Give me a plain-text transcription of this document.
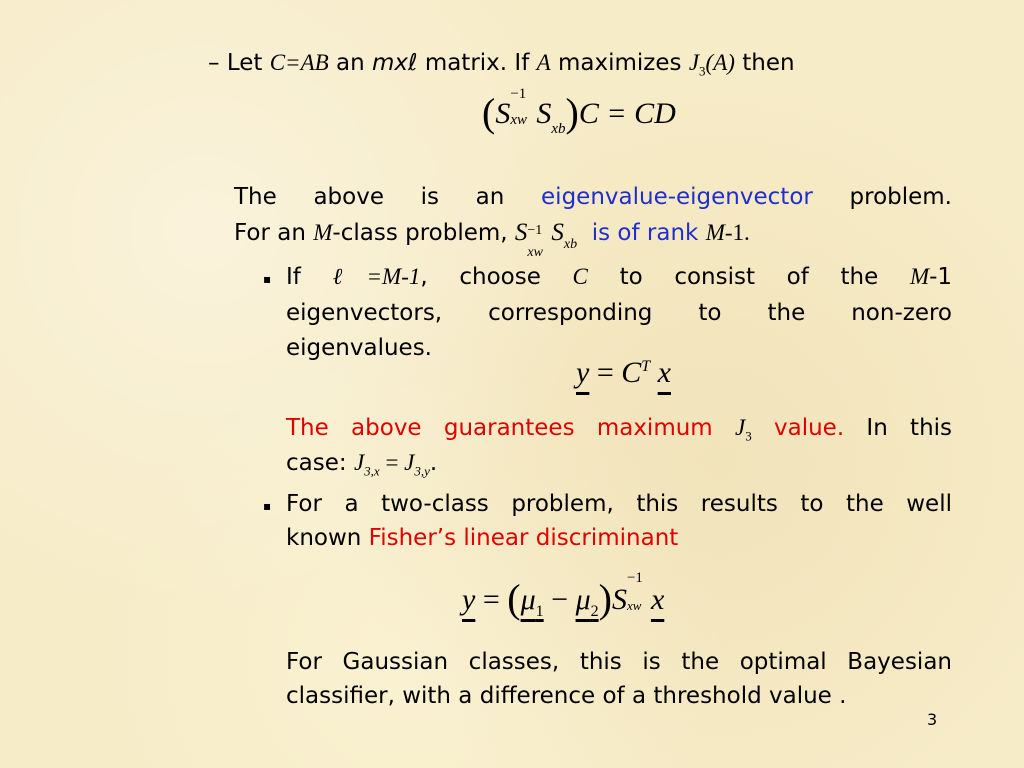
– Let C=AB an mxℓ matrix. If A maximizes $J_3(A)$ then
(S
−1
xw $S_{xb})C$ = CD
The above is an eigenvalue-eigenvector problem.
For an M-class problem, S −1
xw
$S_{xb}$ is of rank M-1.
▪ If ℓ=M-1, choose C to consist of the M-1
eigenvectors, corresponding to the non-zero
eigenvalues.
$y = C^T$ x
The above guarantees maximum $J_3$ value. In this
case: $J_{3,x} = J_{3,y}$.
▪ For a two-class problem, this results to the well
known Fisher’s linear discriminant
$y = (\mu_1 - \mu_2)S$
−1
xw x
For Gaussian classes, this is the optimal Bayesian
classifier, with a difference of a threshold value .
3
